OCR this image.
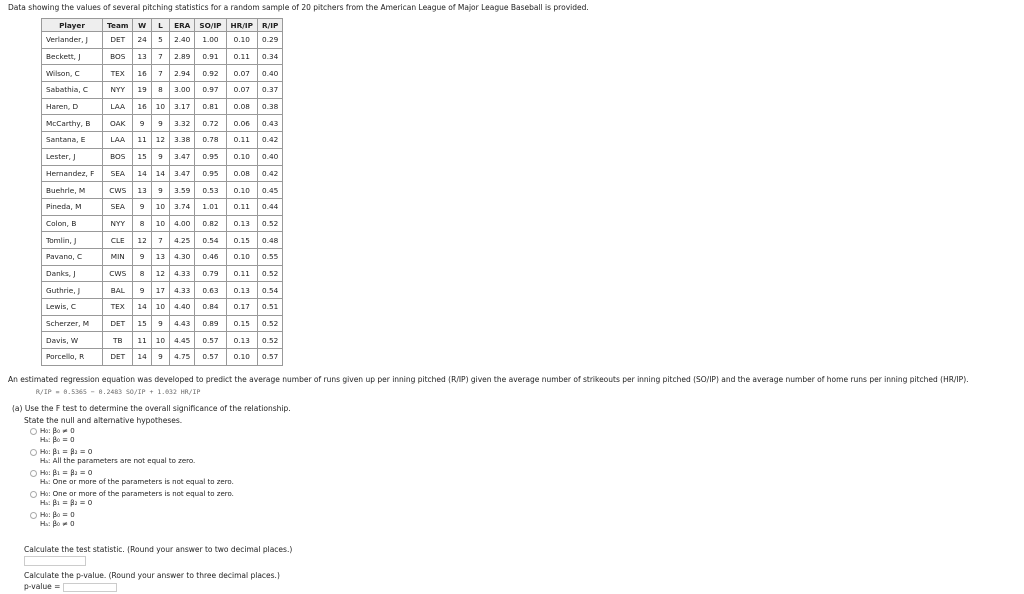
Data showing the values of several pitching statistics for a random sample of 20 pitchers from the American League of Major League Baseball is provided.
Player	Team	W	L	ERA	SO/IP	HR/IP	R/IP
Verlander, J	DET	24	5	2.40	1.00	0.10	0.29
Beckett, J	BOS	13	7	2.89	0.91	0.11	0.34
Wilson, C	TEX	16	7	2.94	0.92	0.07	0.40
Sabathia, C	NYY	19	8	3.00	0.97	0.07	0.37
Haren, D	LAA	16	10	3.17	0.81	0.08	0.38
McCarthy, B	OAK	9	9	3.32	0.72	0.06	0.43
Santana, E	LAA	11	12	3.38	0.78	0.11	0.42
Lester, J	BOS	15	9	3.47	0.95	0.10	0.40
Hernandez, F	SEA	14	14	3.47	0.95	0.08	0.42
Buehrle, M	CWS	13	9	3.59	0.53	0.10	0.45
Pineda, M	SEA	9	10	3.74	1.01	0.11	0.44
Colon, B	NYY	8	10	4.00	0.82	0.13	0.52
Tomlin, J	CLE	12	7	4.25	0.54	0.15	0.48
Pavano, C	MIN	9	13	4.30	0.46	0.10	0.55
Danks, J	CWS	8	12	4.33	0.79	0.11	0.52
Guthrie, J	BAL	9	17	4.33	0.63	0.13	0.54
Lewis, C	TEX	14	10	4.40	0.84	0.17	0.51
Scherzer, M	DET	15	9	4.43	0.89	0.15	0.52
Davis, W	TB	11	10	4.45	0.57	0.13	0.52
Porcello, R	DET	14	9	4.75	0.57	0.10	0.57
An estimated regression equation was developed to predict the average number of runs given up per inning pitched (R/IP) given the average number of strikeouts per inning pitched (SO/IP) and the average number of home runs per inning pitched (HR/IP).
R/IP = 0.5365 − 0.2483 SO/IP + 1.032 HR/IP
(a) Use the F test to determine the overall significance of the relationship.
State the null and alternative hypotheses.
H₀: β₀ ≠ 0
Hₐ: β₀ = 0
H₀: β₁ = β₂ = 0
Hₐ: All the parameters are not equal to zero.
H₀: β₁ = β₂ = 0
Hₐ: One or more of the parameters is not equal to zero.
H₀: One or more of the parameters is not equal to zero.
Hₐ: β₁ = β₂ = 0
H₀: β₀ = 0
Hₐ: β₀ ≠ 0
Calculate the test statistic. (Round your answer to two decimal places.)
Calculate the p-value. (Round your answer to three decimal places.)
p-value =
